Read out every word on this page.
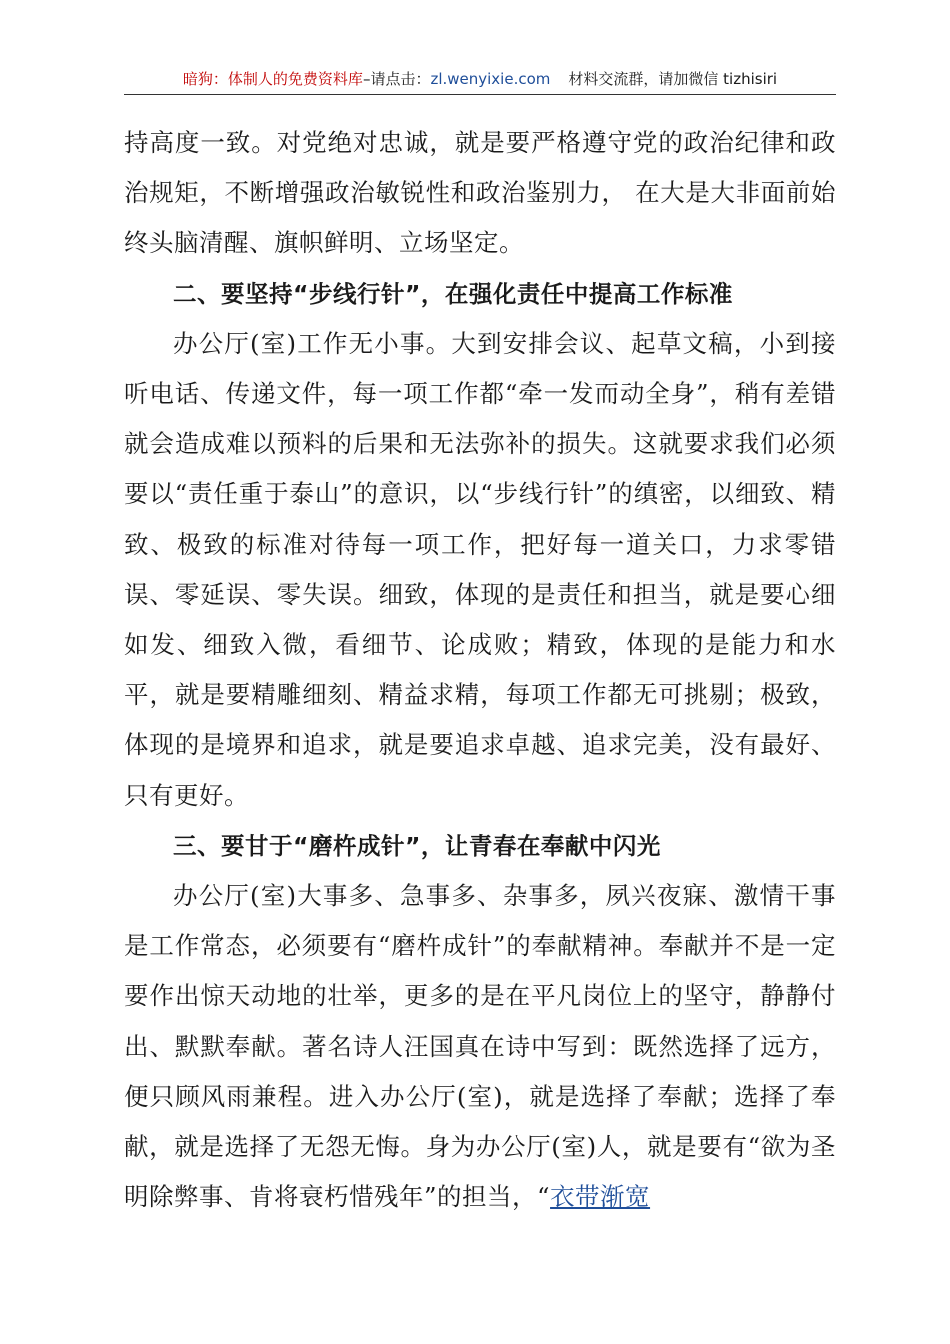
暗狗：体制人的免费资料库–请点击：zl.wenyixie.com 材料交流群，请加微信 tizhisiri

持高度一致。对党绝对忠诚，就是要严格遵守党的政治纪律和政治规矩，不断增强政治敏锐性和政治鉴别力， 在大是大非面前始终头脑清醒、旗帜鲜明、立场坚定。

二、要坚持“步线行针”，在强化责任中提高工作标准

办公厅(室)工作无小事。大到安排会议、起草文稿，小到接听电话、传递文件，每一项工作都“牵一发而动全身”，稍有差错就会造成难以预料的后果和无法弥补的损失。这就要求我们必须要以“责任重于泰山”的意识，以“步线行针”的缜密，以细致、精致、极致的标准对待每一项工作，把好每一道关口，力求零错误、零延误、零失误。细致，体现的是责任和担当，就是要心细如发、细致入微，看细节、论成败；精致，体现的是能力和水平，就是要精雕细刻、精益求精，每项工作都无可挑剔；极致，体现的是境界和追求，就是要追求卓越、追求完美，没有最好、只有更好。

三、要甘于“磨杵成针”，让青春在奉献中闪光

办公厅(室)大事多、急事多、杂事多，夙兴夜寐、激情干事是工作常态，必须要有“磨杵成针”的奉献精神。奉献并不是一定要作出惊天动地的壮举，更多的是在平凡岗位上的坚守，静静付出、默默奉献。著名诗人汪国真在诗中写到：既然选择了远方，便只顾风雨兼程。进入办公厅(室)，就是选择了奉献；选择了奉献，就是选择了无怨无悔。身为办公厅(室)人，就是要有“欲为圣明除弊事、肯将衰朽惜残年”的担当，“衣带渐宽
